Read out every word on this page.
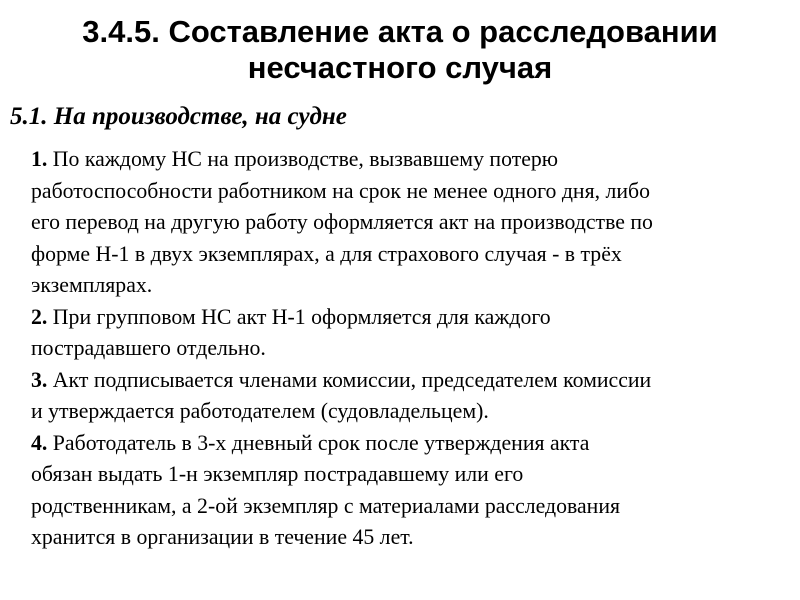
3.4.5. Составление акта о расследовании
несчастного случая
5.1. На производстве, на судне
1. По каждому НС на производстве, вызвавшему потерю
работоспособности работником на срок не менее одного дня, либо
его перевод на другую работу оформляется акт на производстве по
форме Н-1 в двух экземплярах, а для страхового случая - в трёх
экземплярах.
2. При групповом НС акт Н-1 оформляется для каждого
пострадавшего отдельно.
3. Акт подписывается членами комиссии, председателем комиссии
и утверждается работодателем (судовладельцем).
4. Работодатель в 3-х дневный срок после утверждения акта
обязан выдать 1-н экземпляр пострадавшему или его
родственникам, а 2-ой экземпляр с материалами расследования
хранится в организации в течение 45 лет.
